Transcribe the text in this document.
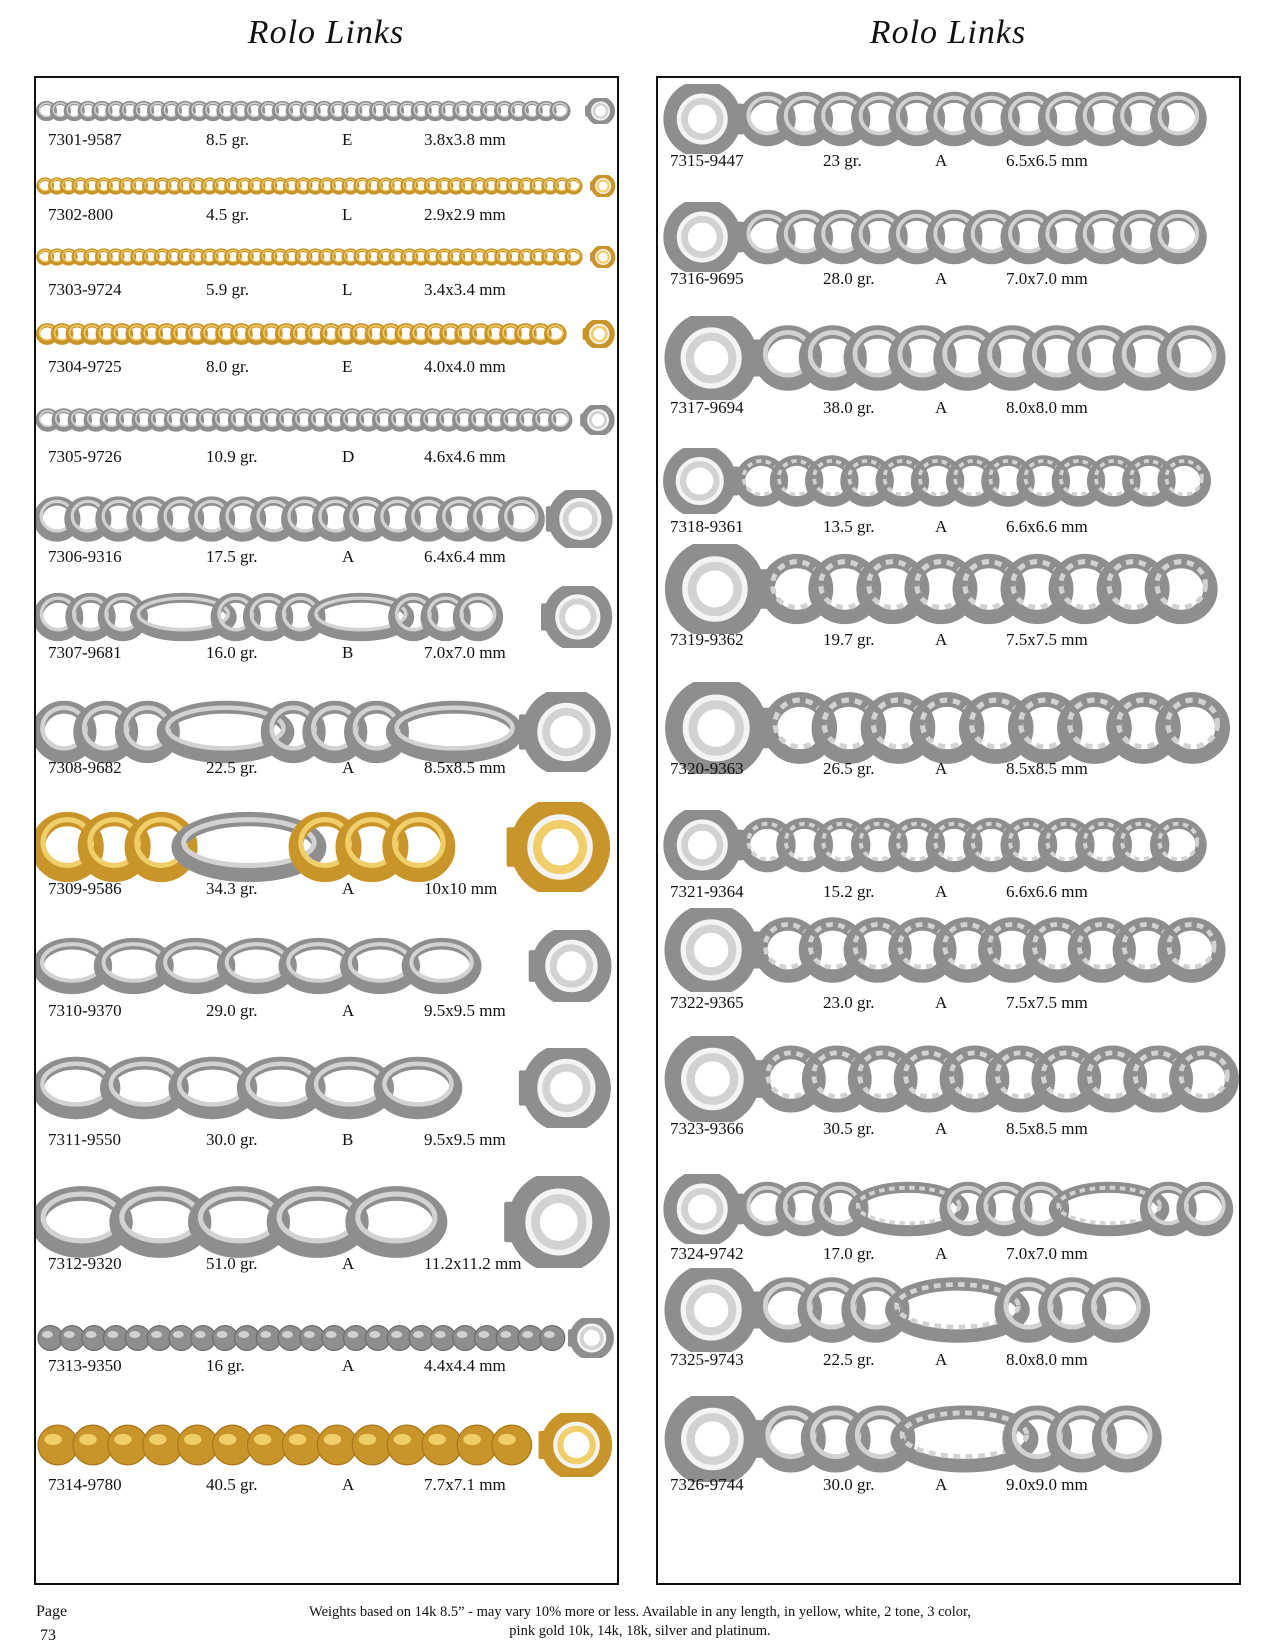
Rolo Links	Rolo Links
7301-9587	8.5 gr.	E	3.8x3.8 mm
7302-800	4.5 gr.	L	2.9x2.9 mm
7303-9724	5.9 gr.	L	3.4x3.4 mm
7304-9725	8.0 gr.	E	4.0x4.0 mm
7305-9726	10.9 gr.	D	4.6x4.6 mm
7306-9316	17.5 gr.	A	6.4x6.4 mm
7307-9681	16.0 gr.	B	7.0x7.0 mm
7308-9682	22.5 gr.	A	8.5x8.5 mm
7309-9586	34.3 gr.	A	10x10 mm
7310-9370	29.0 gr.	A	9.5x9.5 mm
7311-9550	30.0 gr.	B	9.5x9.5 mm
7312-9320	51.0 gr.	A	11.2x11.2 mm
7313-9350	16 gr.	A	4.4x4.4 mm
7314-9780	40.5 gr.	A	7.7x7.1 mm
7315-9447	23 gr.	A	6.5x6.5 mm
7316-9695	28.0 gr.	A	7.0x7.0 mm
7317-9694	38.0 gr.	A	8.0x8.0 mm
7318-9361	13.5 gr.	A	6.6x6.6 mm
7319-9362	19.7 gr.	A	7.5x7.5 mm
7320-9363	26.5 gr.	A	8.5x8.5 mm
7321-9364	15.2 gr.	A	6.6x6.6 mm
7322-9365	23.0 gr.	A	7.5x7.5 mm
7323-9366	30.5 gr.	A	8.5x8.5 mm
7324-9742	17.0 gr.	A	7.0x7.0 mm
7325-9743	22.5 gr.	A	8.0x8.0 mm
7326-9744	30.0 gr.	A	9.0x9.0 mm
Page
73
Weights based on 14k 8.5” - may vary 10% more or less. Available in any length, in yellow, white, 2 tone, 3 color,
pink gold 10k, 14k, 18k, silver and platinum.
